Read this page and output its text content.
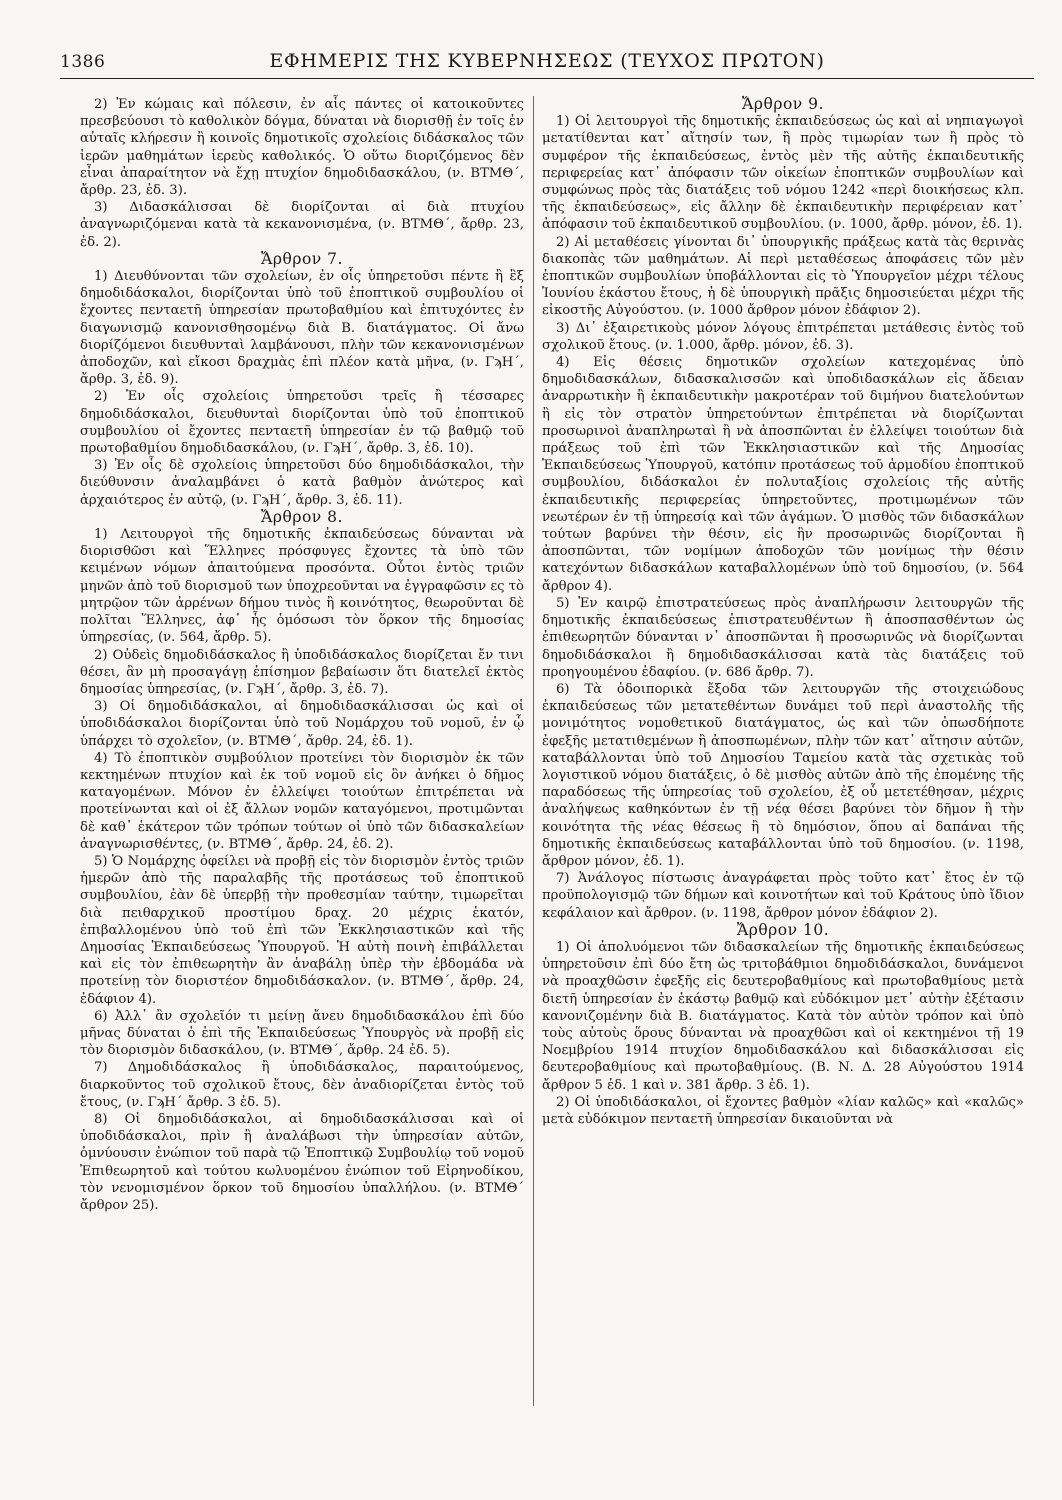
1386	ΕΦΗΜΕΡΙΣ ΤΗΣ ΚΥΒΕΡΝΗΣΕΩΣ (ΤΕΥΧΟΣ ΠΡΩΤΟΝ)

2) Ἐν κώμαις καὶ πόλεσιν, ἐν αἷς πάντες οἱ κατοικοῦντες πρεσβεύουσι τὸ καθολικὸν δόγμα, δύναται νὰ διορισθῇ ἐν τοῖς ἐν αὐταῖς κλήρεσιν ἢ κοινοῖς δημοτικοῖς σχολείοις διδάσκαλος τῶν ἱερῶν μαθημάτων ἱερεὺς καθολικός. Ὁ οὕτω διοριζόμενος δὲν εἶναι ἀπαραίτητον νὰ ἔχῃ πτυχίον δημοδιδασκάλου, (ν. ΒΤΜΘ΄, ἄρθρ. 23, ἐδ. 3).

3) Διδασκάλισσαι δὲ διορίζονται αἱ διὰ πτυχίου ἀναγνωριζόμεναι κατὰ τὰ κεκανονισμένα, (ν. ΒΤΜΘ΄, ἄρθρ. 23, ἐδ. 2).

Ἄρθρον 7.

1) Διευθύνονται τῶν σχολείων, ἐν οἷς ὑπηρετοῦσι πέντε ἢ ἓξ δημοδιδάσκαλοι, διορίζονται ὑπὸ τοῦ ἐποπτικοῦ συμβουλίου οἱ ἔχοντες πενταετῆ ὑπηρεσίαν πρωτοβαθμίου καὶ ἐπιτυχόντες ἐν διαγωνισμῷ κανονισθησομένῳ διὰ Β. διατάγματος. Οἱ ἄνω διορίζόμενοι διευθυνταὶ λαμβάνουσι, πλὴν τῶν κεκανονισμένων ἀποδοχῶν, καὶ εἴκοσι δραχμὰς ἐπὶ πλέον κατὰ μῆνα, (ν. ΓϡΗ΄, ἄρθρ. 3, ἐδ. 9).

2) Ἐν οἷς σχολείοις ὑπηρετοῦσι τρεῖς ἢ τέσσαρες δημοδιδάσκαλοι, διευθυνταὶ διορίζονται ὑπὸ τοῦ ἐποπτικοῦ συμβουλίου οἱ ἔχοντες πενταετῆ ὑπηρεσίαν ἐν τῷ βαθμῷ τοῦ πρωτοβαθμίου δημοδιδασκάλου, (ν. ΓϡΗ΄, ἄρθρ. 3, ἐδ. 10).

3) Ἐν οἷς δὲ σχολείοις ὑπηρετοῦσι δύο δημοδιδάσκαλοι, τὴν διεύθυνσιν ἀναλαμβάνει ὁ κατὰ βαθμὸν ἀνώτερος καὶ ἀρχαιότερος ἐν αὐτῷ, (ν. ΓϡΗ΄, ἄρθρ. 3, ἐδ. 11).

Ἄρθρον 8.

1) Λειτουργοὶ τῆς δημοτικῆς ἐκπαιδεύσεως δύνανται νὰ διορισθῶσι καὶ Ἕλληνες πρόσφυγες ἔχοντες τὰ ὑπὸ τῶν κειμένων νόμων ἀπαιτούμενα προσόντα. Οὗτοι ἐντὸς τριῶν μηνῶν ἀπὸ τοῦ διορισμοῦ των ὑποχρεοῦνται να ἐγγραφῶσιν ες τὸ μητρῷον τῶν ἀρρένων δήμου τινὸς ἢ κοινότητος, θεωροῦνται δὲ πολῖται Ἕλληνες, ἀφ᾽ ἧς ὁμόσωσι τὸν ὅρκον τῆς δημοσίας ὑπηρεσίας, (ν. 564, ἄρθρ. 5).

2) Οὐδεὶς δημοδιδάσκαλος ἢ ὑποδιδάσκαλος διορίζεται ἔν τινι θέσει, ἂν μὴ προσαγάγῃ ἐπίσημον βεβαίωσιν ὅτι διατελεῖ ἐκτὸς δημοσίας ὑπηρεσίας, (ν. ΓϡΗ΄, ἄρθρ. 3, ἐδ. 7).

3) Οἱ δημοδιδάσκαλοι, αἱ δημοδιδασκάλισσαι ὡς καὶ οἱ ὑποδιδάσκαλοι διορίζονται ὑπὸ τοῦ Νομάρχου τοῦ νομοῦ, ἐν ᾧ ὑπάρχει τὸ σχολεῖον, (ν. ΒΤΜΘ΄, ἄρθρ. 24, ἐδ. 1).

4) Τὸ ἐποπτικὸν συμβούλιον προτείνει τὸν διορισμὸν ἐκ τῶν κεκτημένων πτυχίον καὶ ἐκ τοῦ νομοῦ εἰς ὃν ἀνήκει ὁ δῆμος καταγομένων. Μόνον ἐν ἐλλείψει τοιούτων ἐπιτρέπεται νὰ προτείνωνται καὶ οἱ ἐξ ἄλλων νομῶν καταγόμενοι, προτιμῶνται δὲ καθ᾽ ἑκάτερον τῶν τρόπων τούτων οἱ ὑπὸ τῶν διδασκαλείων ἀναγνωρισθέντες, (ν. ΒΤΜΘ΄, ἄρθρ. 24, ἐδ. 2).

5) Ὁ Νομάρχης ὀφείλει νὰ προβῇ εἰς τὸν διορισμὸν ἐντὸς τριῶν ἡμερῶν ἀπὸ τῆς παραλαβῆς τῆς προτάσεως τοῦ ἐποπτικοῦ συμβουλίου, ἐὰν δὲ ὑπερβῇ τὴν προθεσμίαν ταύτην, τιμωρεῖται διὰ πειθαρχικοῦ προστίμου δραχ. 20 μέχρις ἑκατόν, ἐπιβαλλομένου ὑπὸ τοῦ ἐπὶ τῶν Ἐκκλησιαστικῶν καὶ τῆς Δημοσίας Ἐκπαιδεύσεως Ὑπουργοῦ. Ἡ αὐτὴ ποινὴ ἐπιβάλλεται καὶ εἰς τὸν ἐπιθεωρητὴν ἂν ἀναβάλῃ ὑπὲρ τὴν ἑβδομάδα νὰ προτείνῃ τὸν διοριστέον δημοδιδάσκαλον. (ν. ΒΤΜΘ΄, ἄρθρ. 24, ἐδάφιον 4).

6) Ἀλλ᾽ ἂν σχολεῖόν τι μείνῃ ἄνευ δημοδιδασκάλου ἐπὶ δύο μῆνας δύναται ὁ ἐπὶ τῆς Ἐκπαιδεύσεως Ὑπουργὸς νὰ προβῇ εἰς τὸν διορισμὸν διδασκάλου, (ν. ΒΤΜΘ΄, ἄρθρ. 24 ἐδ. 5).

7) Δημοδιδάσκαλος ἢ ὑποδιδάσκαλος, παραιτούμενος, διαρκοῦντος τοῦ σχολικοῦ ἔτους, δὲν ἀναδιορίζεται ἐντὸς τοῦ ἔτους, (ν. ΓϡΗ΄ ἄρθρ. 3 ἐδ. 5).

8) Οἱ δημοδιδάσκαλοι, αἱ δημοδιδασκάλισσαι καὶ οἱ ὑποδιδάσκαλοι, πρὶν ἢ ἀναλάβωσι τὴν ὑπηρεσίαν αὐτῶν, ὀμνύουσιν ἐνώπιον τοῦ παρὰ τῷ Ἐποπτικῷ Συμβουλίῳ τοῦ νομοῦ Ἐπιθεωρητοῦ καὶ τούτου κωλυομένου ἐνώπιον τοῦ Εἰρηνοδίκου, τὸν νενομισμένον ὅρκον τοῦ δημοσίου ὑπαλλήλου. (ν. ΒΤΜΘ΄ ἄρθρον 25).

Ἄρθρον 9.

1) Οἱ λειτουργοὶ τῆς δημοτικῆς ἐκπαιδεύσεως ὡς καὶ αἱ νηπιαγωγοὶ μετατίθενται κατ᾽ αἴτησίν των, ἢ πρὸς τιμωρίαν των ἢ πρὸς τὸ συμφέρον τῆς ἐκπαιδεύσεως, ἐντὸς μὲν τῆς αὐτῆς ἐκπαιδευτικῆς περιφερείας κατ᾽ ἀπόφασιν τῶν οἰκείων ἐποπτικῶν συμβουλίων καὶ συμφώνως πρὸς τὰς διατάξεις τοῦ νόμου 1242 «περὶ διοικήσεως κλπ. τῆς ἐκπαιδεύσεως», εἰς ἄλλην δὲ ἐκπαιδευτικὴν περιφέρειαν κατ᾽ ἀπόφασιν τοῦ ἐκπαιδευτικοῦ συμβουλίου. (ν. 1000, ἄρθρ. μόνον, ἐδ. 1).

2) Αἱ μεταθέσεις γίνονται δι᾽ ὑπουργικῆς πράξεως κατὰ τὰς θερινὰς διακοπὰς τῶν μαθημάτων. Αἱ περὶ μεταθέσεως ἀποφάσεις τῶν μὲν ἐποπτικῶν συμβουλίων ὑποβάλλονται εἰς τὸ Ὑπουργεῖον μέχρι τέλους Ἰουνίου ἑκάστου ἔτους, ἡ δὲ ὑπουργικὴ πρᾶξις δημοσιεύεται μέχρι τῆς εἰκοστῆς Αὐγούστου. (ν. 1000 ἄρθρον μόνον ἐδάφιον 2).

3) Δι᾽ ἐξαιρετικοὺς μόνον λόγους ἐπιτρέπεται μετάθεσις ἐντὸς τοῦ σχολικοῦ ἔτους. (ν. 1.000, ἄρθρ. μόνον, ἐδ. 3).

4) Εἰς θέσεις δημοτικῶν σχολείων κατεχομένας ὑπὸ δημοδιδασκάλων, διδασκαλισσῶν καὶ ὑποδιδασκάλων εἰς ἄδειαν ἀναρρωτικὴν ἢ ἐκπαιδευτικὴν μακροτέραν τοῦ διμήνου διατελούντων ἢ εἰς τὸν στρατὸν ὑπηρετούντων ἐπιτρέπεται νὰ διορίζωνται προσωρινοὶ ἀναπληρωταὶ ἢ νὰ ἀποσπῶνται ἐν ἐλλείψει τοιούτων διὰ πράξεως τοῦ ἐπὶ τῶν Ἐκκλησιαστικῶν καὶ τῆς Δημοσίας Ἐκπαιδεύσεως Ὑπουργοῦ, κατόπιν προτάσεως τοῦ ἁρμοδίου ἐποπτικοῦ συμβουλίου, διδάσκαλοι ἐν πολυταξίοις σχολείοις τῆς αὐτῆς ἐκπαιδευτικῆς περιφερείας ὑπηρετοῦντες, προτιμωμένων τῶν νεωτέρων ἐν τῇ ὑπηρεσίᾳ καὶ τῶν ἀγάμων. Ὁ μισθὸς τῶν διδασκάλων τούτων βαρύνει τὴν θέσιν, εἰς ἣν προσωρινῶς διορίζονται ἢ ἀποσπῶνται, τῶν νομίμων ἀποδοχῶν τῶν μονίμως τὴν θέσιν κατεχόντων διδασκάλων καταβαλλομένων ὑπὸ τοῦ δημοσίου, (ν. 564 ἄρθρον 4).

5) Ἐν καιρῷ ἐπιστρατεύσεως πρὸς ἀναπλήρωσιν λειτουργῶν τῆς δημοτικῆς ἐκπαιδεύσεως ἐπιστρατευθέντων ἢ ἀποσπασθέντων ὡς ἐπιθεωρητῶν δύνανται ν᾽ ἀποσπῶνται ἢ προσωρινῶς νὰ διορίζωνται δημοδιδάσκαλοι ἢ δημοδιδασκάλισσαι κατὰ τὰς διατάξεις τοῦ προηγουμένου ἐδαφίου. (ν. 686 ἄρθρ. 7).

6) Τὰ ὁδοιπορικὰ ἔξοδα τῶν λειτουργῶν τῆς στοιχειώδους ἐκπαιδεύσεως τῶν μετατεθέντων δυνάμει τοῦ περὶ ἀναστολῆς τῆς μονιμότητος νομοθετικοῦ διατάγματος, ὡς καὶ τῶν ὁπωσδήποτε ἐφεξῆς μετατιθεμένων ἢ ἀποσπωμένων, πλὴν τῶν κατ᾽ αἴτησιν αὐτῶν, καταβάλλονται ὑπὸ τοῦ Δημοσίου Ταμείου κατὰ τὰς σχετικὰς τοῦ λογιστικοῦ νόμου διατάξεις, ὁ δὲ μισθὸς αὐτῶν ἀπὸ τῆς ἐπομένης τῆς παραδόσεως τῆς ὑπηρεσίας τοῦ σχολείου, ἐξ οὗ μετετέθησαν, μέχρις ἀναλήψεως καθηκόντων ἐν τῇ νέᾳ θέσει βαρύνει τὸν δῆμον ἢ τὴν κοινότητα τῆς νέας θέσεως ἢ τὸ δημόσιον, ὅπου αἱ δαπάναι τῆς δημοτικῆς ἐκπαιδεύσεως καταβάλλονται ὑπὸ τοῦ δημοσίου. (ν. 1198, ἄρθρον μόνον, ἐδ. 1).

7) Ἀνάλογος πίστωσις ἀναγράφεται πρὸς τοῦτο κατ᾽ ἔτος ἐν τῷ προϋπολογισμῷ τῶν δήμων καὶ κοινοτήτων καὶ τοῦ Κράτους ὑπὸ ἴδιον κεφάλαιον καὶ ἄρθρον. (ν. 1198, ἄρθρον μόνον ἐδάφιον 2).

Ἄρθρον 10.

1) Οἱ ἀπολυόμενοι τῶν διδασκαλείων τῆς δημοτικῆς ἐκπαιδεύσεως ὑπηρετοῦσιν ἐπὶ δύο ἔτη ὡς τριτοβάθμιοι δημοδιδάσκαλοι, δυνάμενοι νὰ προαχθῶσιν ἐφεξῆς εἰς δευτεροβαθμίους καὶ πρωτοβαθμίους μετὰ διετῆ ὑπηρεσίαν ἐν ἑκάστῳ βαθμῷ καὶ εὐδόκιμον μετ᾽ αὐτὴν ἐξέτασιν κανονιζομένην διὰ Β. διατάγματος. Κατὰ τὸν αὐτὸν τρόπον καὶ ὑπὸ τοὺς αὐτοὺς ὅρους δύνανται νὰ προαχθῶσι καὶ οἱ κεκτημένοι τῇ 19 Νοεμβρίου 1914 πτυχίον δημοδιδασκάλου καὶ διδασκάλισσαι εἰς δευτεροβαθμίους καὶ πρωτοβαθμίους. (Β. Ν. Δ. 28 Αὐγούστου 1914 ἄρθρον 5 ἐδ. 1 καὶ ν. 381 ἄρθρ. 3 ἐδ. 1).

2) Οἱ ὑποδιδάσκαλοι, οἱ ἔχοντες βαθμὸν «λίαν καλῶς» καὶ «καλῶς» μετὰ εὐδόκιμον πενταετῆ ὑπηρεσίαν δικαιοῦνται νὰ
